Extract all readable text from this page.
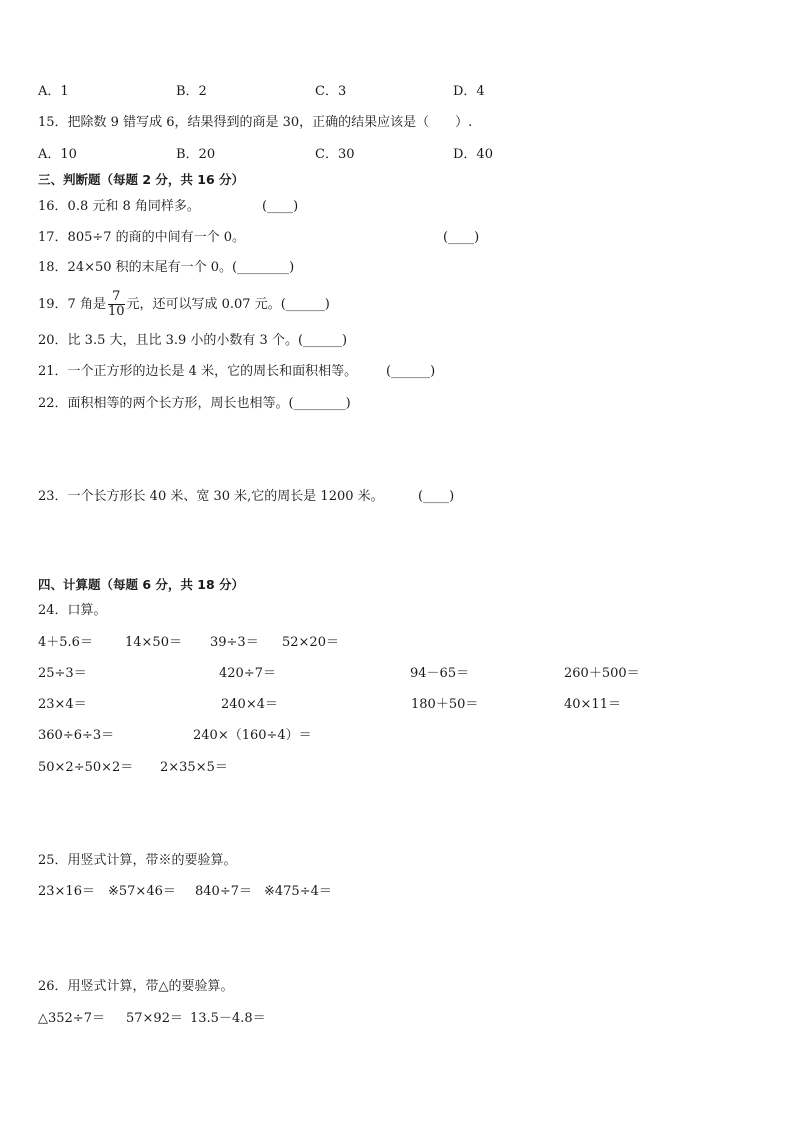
A．1	B．2	C．3	D．4
15．把除数 9 错写成 6，结果得到的商是 30，正确的结果应该是（　　）.
A．10	B．20	C．30	D．40
三、判断题（每题 2 分，共 16 分）
16．0.8 元和 8 角同样多。	(____)
17．805÷7 的商的中间有一个 0。	(____)
18．24×50 积的末尾有一个 0。(________)
19．7 角是 $\frac{7}{10}$ 元，还可以写成 0.07 元。(______)
20．比 3.5 大，且比 3.9 小的小数有 3 个。(______)
21．一个正方形的边长是 4 米，它的周长和面积相等。 (______)
22．面积相等的两个长方形，周长也相等。(________)
23．一个长方形长 40 米、宽 30 米,它的周长是 1200 米。	(____)
四、计算题（每题 6 分，共 18 分）
24．口算。
4＋5.6＝ 14×50＝ 39÷3＝ 52×20＝
25÷3＝	420÷7＝	94－65＝	260＋500＝
23×4＝	240×4＝	180＋50＝	40×11＝
360÷6÷3＝	240×（160÷4）＝
50×2÷50×2＝ 2×35×5＝
25．用竖式计算，带※的要验算。
23×16＝ ※57×46＝ 840÷7＝ ※475÷4＝
26．用竖式计算，带△的要验算。
△352÷7＝ 57×92＝ 13.5－4.8＝
